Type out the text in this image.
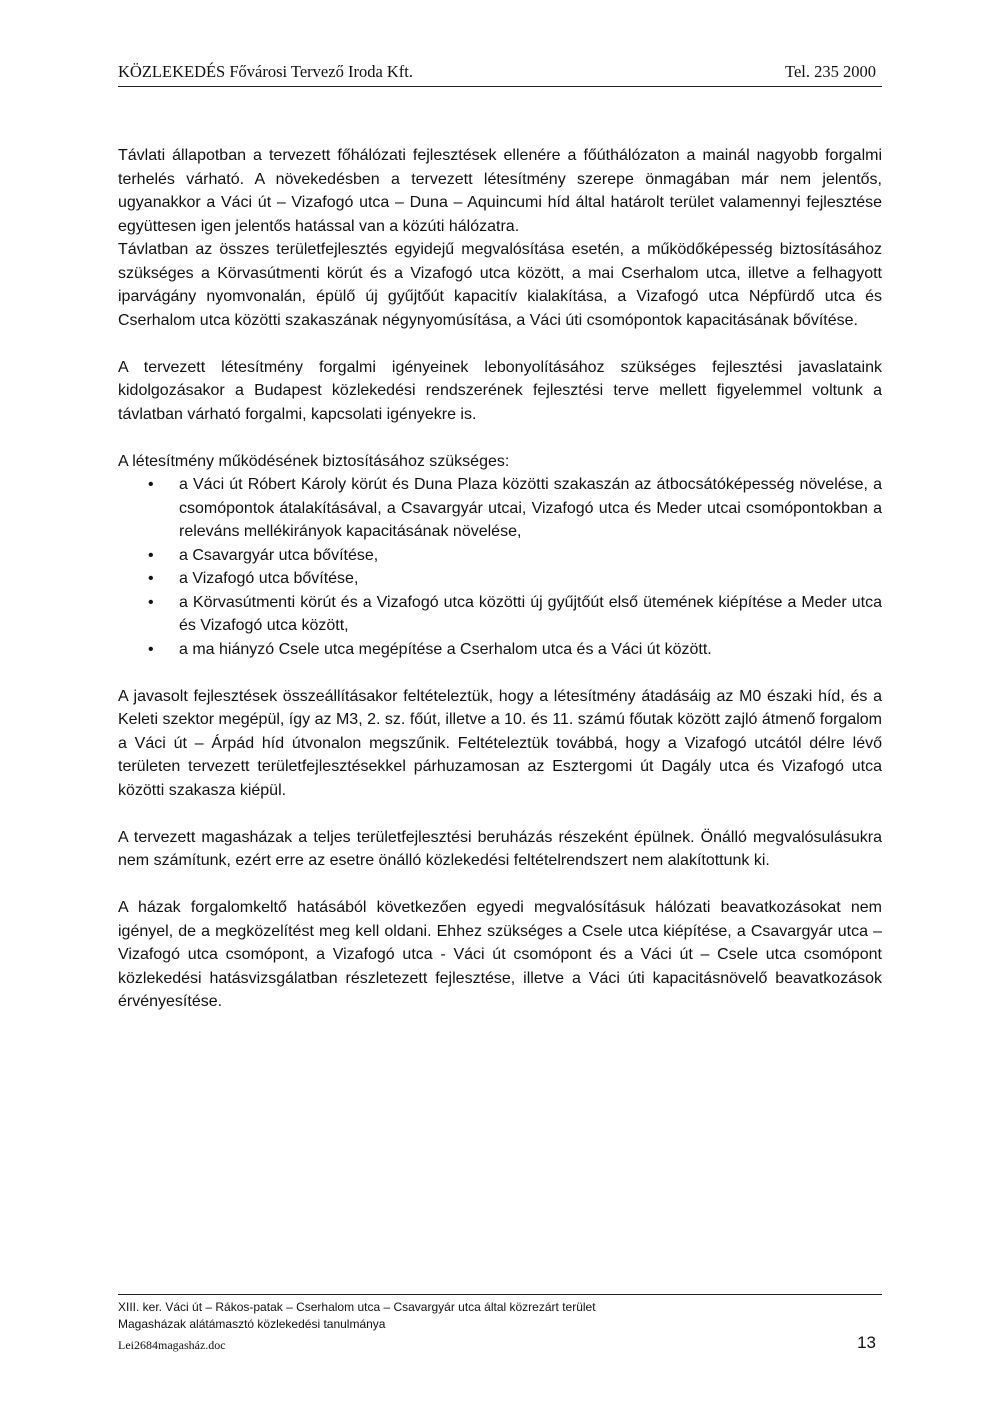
KÖZLEKEDÉS Fővárosi Tervező Iroda Kft.	Tel. 235 2000

Távlati állapotban a tervezett főhálózati fejlesztések ellenére a főúthálózaton a mainál nagyobb forgalmi terhelés várható. A növekedésben a tervezett létesítmény szerepe önmagában már nem jelentős, ugyanakkor a Váci út – Vizafogó utca – Duna – Aquincumi híd által határolt terület valamennyi fejlesztése együttesen igen jelentős hatással van a közúti hálózatra.

Távlatban az összes területfejlesztés egyidejű megvalósítása esetén, a működőképesség biztosításához szükséges a Körvasútmenti körút és a Vizafogó utca között, a mai Cserhalom utca, illetve a felhagyott iparvágány nyomvonalán, épülő új gyűjtőút kapacitív kialakítása, a Vizafogó utca Népfürdő utca és Cserhalom utca közötti szakaszának négynyomúsítása, a Váci úti csomópontok kapacitásának bővítése.

A tervezett létesítmény forgalmi igényeinek lebonyolításához szükséges fejlesztési javaslataink kidolgozásakor a Budapest közlekedési rendszerének fejlesztési terve mellett figyelemmel voltunk a távlatban várható forgalmi, kapcsolati igényekre is.

A létesítmény működésének biztosításához szükséges:

• a Váci út Róbert Károly körút és Duna Plaza közötti szakaszán az átbocsátóképesség növelése, a csomópontok átalakításával, a Csavargyár utcai, Vizafogó utca és Meder utcai csomópontokban a releváns mellékirányok kapacitásának növelése,
• a Csavargyár utca bővítése,
• a Vizafogó utca bővítése,
• a Körvasútmenti körút és a Vizafogó utca közötti új gyűjtőút első ütemének kiépítése a Meder utca és Vizafogó utca között,
• a ma hiányzó Csele utca megépítése a Cserhalom utca és a Váci út között.

A javasolt fejlesztések összeállításakor feltételeztük, hogy a létesítmény átadásáig az M0 északi híd, és a Keleti szektor megépül, így az M3, 2. sz. főút, illetve a 10. és 11. számú főutak között zajló átmenő forgalom a Váci út – Árpád híd útvonalon megszűnik. Feltételeztük továbbá, hogy a Vizafogó utcától délre lévő területen tervezett területfejlesztésekkel párhuzamosan az Esztergomi út Dagály utca és Vizafogó utca közötti szakasza kiépül.

A tervezett magasházak a teljes területfejlesztési beruházás részeként épülnek. Önálló megvalósulásukra nem számítunk, ezért erre az esetre önálló közlekedési feltételrendszert nem alakítottunk ki.

A házak forgalomkeltő hatásából következően egyedi megvalósításuk hálózati beavatkozásokat nem igényel, de a megközelítést meg kell oldani. Ehhez szükséges a Csele utca kiépítése, a Csavargyár utca – Vizafogó utca csomópont, a Vizafogó utca - Váci út csomópont és a Váci út – Csele utca csomópont közlekedési hatásvizsgálatban részletezett fejlesztése, illetve a Váci úti kapacitásnövelő beavatkozások érvényesítése.

XIII. ker. Váci út – Rákos-patak – Cserhalom utca – Csavargyár utca által közrezárt terület
Magasházak alátámasztó közlekedési tanulmánya
Lei2684magasház.doc	13
